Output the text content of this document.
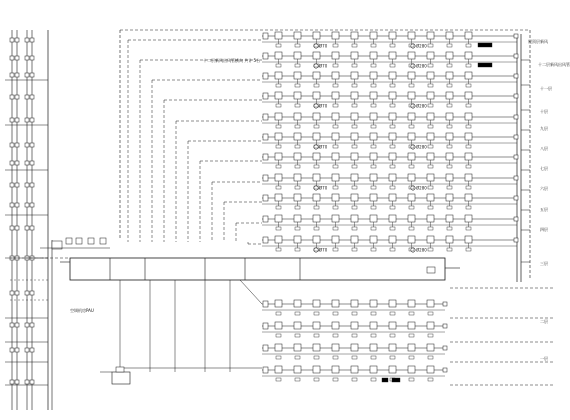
Ø70	Ø280
Ø70	Ø280
Ø70	Ø280
Ø70	Ø280
Ø70	Ø280
Ø70	Ø280
十二层新风出风管横向 共计 5台
空调机房PAU
屋顶层新风
十二层新风出风管
十一层
十层
九层
八层
七层
六层
五层
四层
三层
二层
一层
